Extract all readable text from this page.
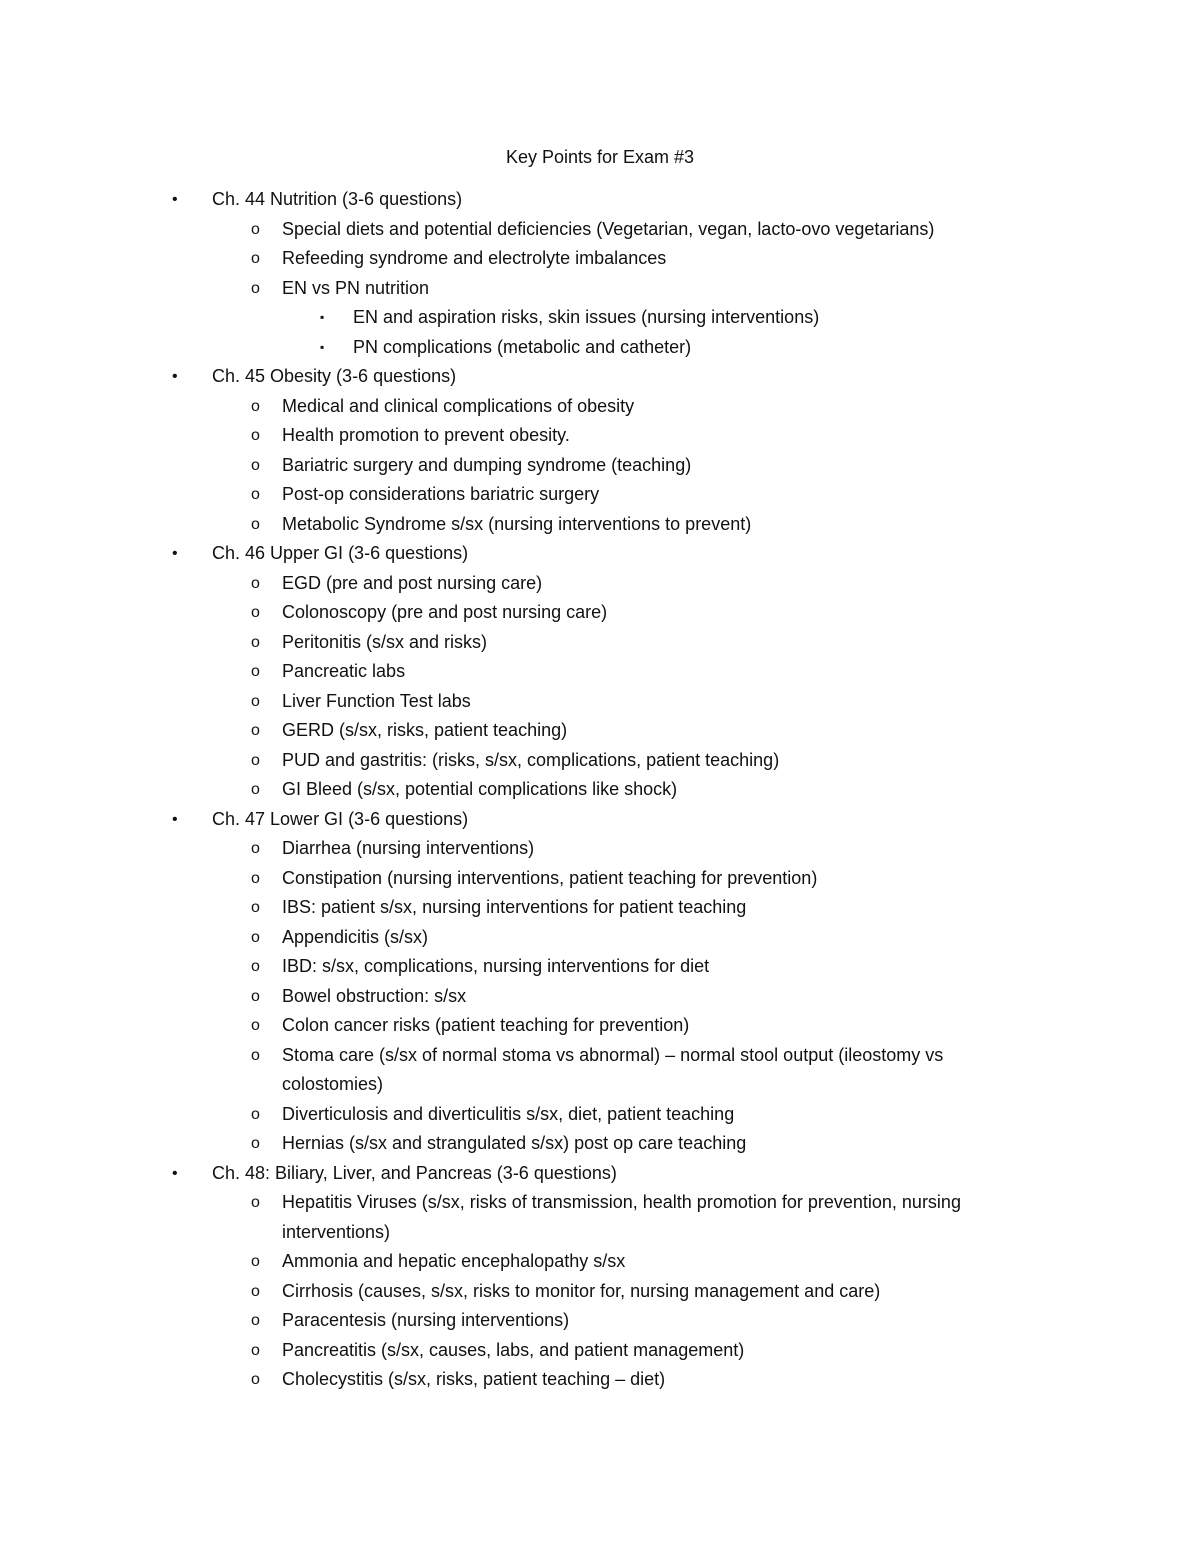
Key Points for Exam #3
•	Ch. 44 Nutrition (3-6 questions)
o	Special diets and potential deficiencies (Vegetarian, vegan, lacto-ovo vegetarians)
o	Refeeding syndrome and electrolyte imbalances
o	EN vs PN nutrition
▪	EN and aspiration risks, skin issues (nursing interventions)
▪	PN complications (metabolic and catheter)
•	Ch. 45 Obesity (3-6 questions)
o	Medical and clinical complications of obesity
o	Health promotion to prevent obesity.
o	Bariatric surgery and dumping syndrome (teaching)
o	Post-op considerations bariatric surgery
o	Metabolic Syndrome s/sx (nursing interventions to prevent)
•	Ch. 46 Upper GI (3-6 questions)
o	EGD (pre and post nursing care)
o	Colonoscopy (pre and post nursing care)
o	Peritonitis (s/sx and risks)
o	Pancreatic labs
o	Liver Function Test labs
o	GERD (s/sx, risks, patient teaching)
o	PUD and gastritis: (risks, s/sx, complications, patient teaching)
o	GI Bleed (s/sx, potential complications like shock)
•	Ch. 47 Lower GI (3-6 questions)
o	Diarrhea (nursing interventions)
o	Constipation (nursing interventions, patient teaching for prevention)
o	IBS: patient s/sx, nursing interventions for patient teaching
o	Appendicitis (s/sx)
o	IBD: s/sx, complications, nursing interventions for diet
o	Bowel obstruction: s/sx
o	Colon cancer risks (patient teaching for prevention)
o	Stoma care (s/sx of normal stoma vs abnormal) – normal stool output (ileostomy vs colostomies)
o	Diverticulosis and diverticulitis s/sx, diet, patient teaching
o	Hernias (s/sx and strangulated s/sx) post op care teaching
•	Ch. 48: Biliary, Liver, and Pancreas (3-6 questions)
o	Hepatitis Viruses (s/sx, risks of transmission, health promotion for prevention, nursing interventions)
o	Ammonia and hepatic encephalopathy s/sx
o	Cirrhosis (causes, s/sx, risks to monitor for, nursing management and care)
o	Paracentesis (nursing interventions)
o	Pancreatitis (s/sx, causes, labs, and patient management)
o	Cholecystitis (s/sx, risks, patient teaching – diet)
